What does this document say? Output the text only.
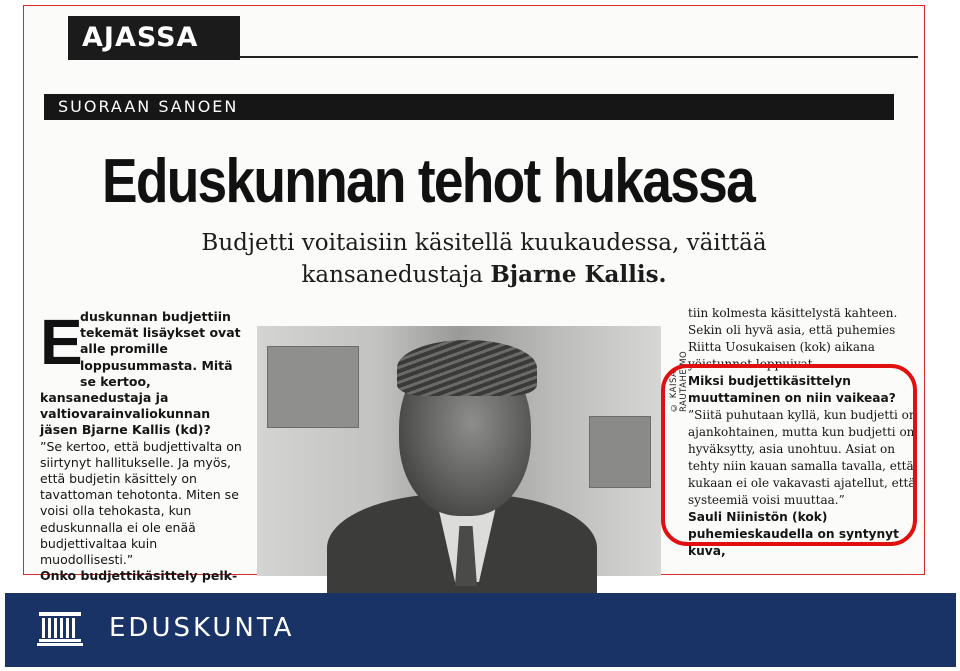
AJASSA
SUORAAN SANOEN
Eduskunnan tehot hukassa
Budjetti voitaisiin käsitellä kuukaudessa, väittää
kansanedustaja Bjarne Kallis.
E
duskunnan budjettiin tekemät lisäykset ovat alle promille loppusummasta. Mitä se kertoo, kansanedustaja ja valtiovarainvaliokunnan jäsen Bjarne Kallis (kd)?
”Se kertoo, että budjettivalta on siirtynyt hallitukselle. Ja myös, että budjetin käsittely on tavattoman tehotonta. Miten se voisi olla tehokasta, kun eduskunnalla ei ole enää budjettivaltaa kuin muodollisesti.”
Onko budjettikäsittely pelk-
© KAISA RAUTAHEIMO

tiin kolmesta käsittelystä kahteen. Sekin oli hyvä asia, että puhemies Riitta Uosukaisen (kok) aikana yöistunnot loppuivat.

Miksi budjettikäsittelyn muuttaminen on niin vaikeaa?

”Siitä puhutaan kyllä, kun budjetti on ajankohtainen, mutta kun budjetti on hyväksytty, asia unohtuu. Asiat on tehty niin kauan samalla tavalla, että kukaan ei ole vakavasti ajatellut, että systeemiä voisi muuttaa.”

Sauli Niinistön (kok) puhemieskaudella on syntynyt kuva,

EDUSKUNTA
